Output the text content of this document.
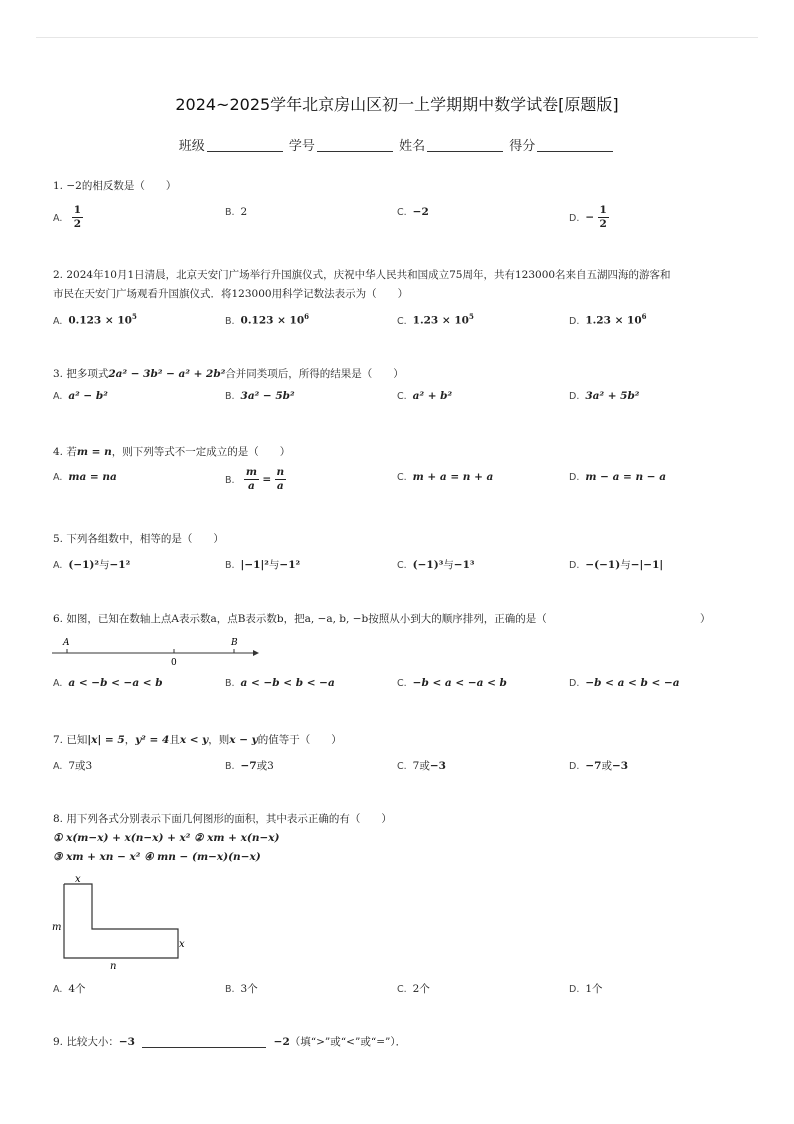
2024~2025学年北京房山区初一上学期期中数学试卷[原题版]
班级	学号	姓名	得分
1. −2的相反数是（　　）
A. $\frac{1}{2}$	B. 2	C. −2	D. − $\frac{1}{2}$
2. 2024年10月1日清晨，北京天安门广场举行升国旗仪式，庆祝中华人民共和国成立75周年，共有123000名来自五湖四海的游客和
市民在天安门广场观看升国旗仪式．将123000用科学记数法表示为（　　）
A. $0.123 \times 10^5$	B. $0.123 \times 10^6$	C. $1.23 \times 10^5$	D. $1.23 \times 10^6$
3. 把多项式2a² − 3b² − a² + 2b²合并同类项后，所得的结果是（　　）
A. a² − b²	B. 3a² − 5b²	C. a² + b²	D. 3a² + 5b²
4. 若m = n，则下列等式不一定成立的是（　　）
A. ma = na	B. $\frac{m}{a} = \frac{n}{a}$	C. m + a = n + a	D. m − a = n − a
5. 下列各组数中，相等的是（　　）
A. (−1)²与−1²	B. |−1|²与−1²	C. (−1)³与−1³	D. −(−1)与−|−1|
6. 如图，已知在数轴上点A表示数a，点B表示数b，把a, −a, b, −b按照从小到大的顺序排列，正确的是（	）
A	B
0
A. a < −b < −a < b	B. a < −b < b < −a	C. −b < a < −a < b	D. −b < a < b < −a
7. 已知|x| = 5，y² = 4且x < y，则x − y的值等于（　　）
A. 7或3	B. −7或3	C. 7或−3	D. −7或−3
8. 用下列各式分别表示下面几何图形的面积，其中表示正确的有（　　）
① x(m−x) + x(n−x) + x² ② xm + x(n−x)
③ xm + xn − x² ④ mn − (m−x)(n−x)
x
m
x
n
A. 4个	B. 3个	C. 2个	D. 1个
9. 比较大小：−3	−2（填“>”或“<”或“=”）．
